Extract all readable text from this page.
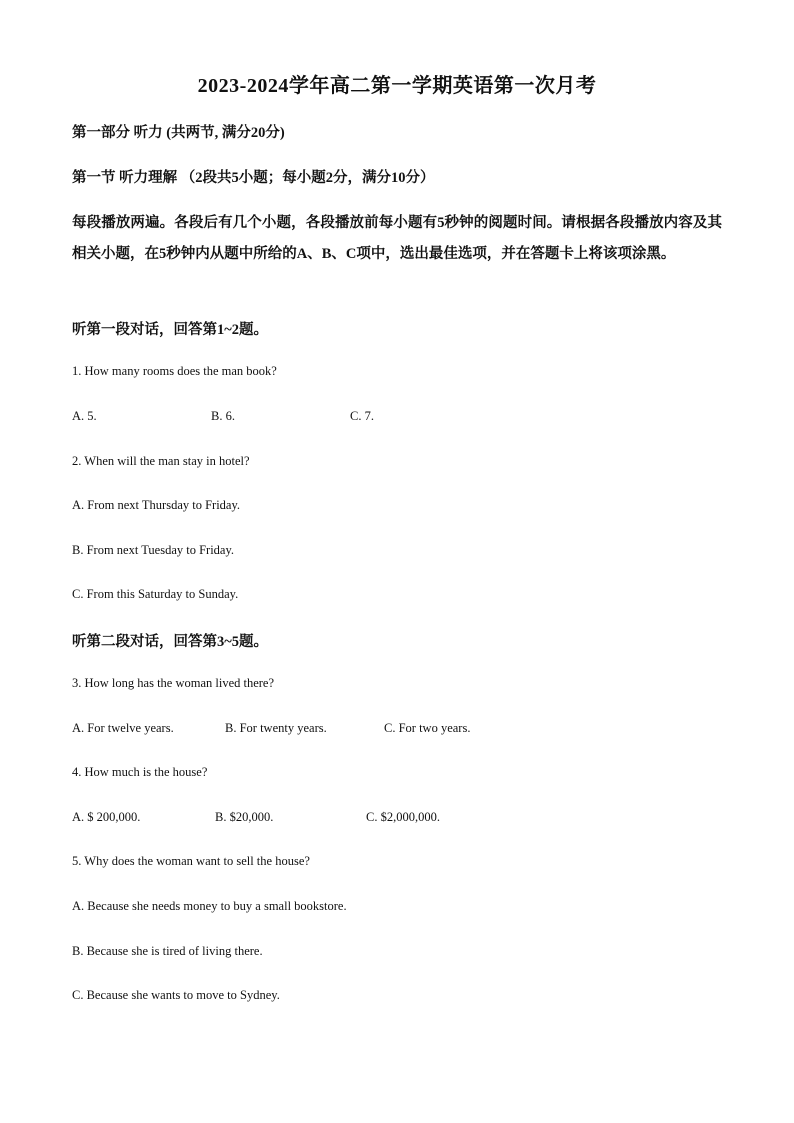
2023-2024学年高二第一学期英语第一次月考
第一部分 听力 (共两节, 满分20分)
第一节 听力理解 （2段共5小题；每小题2分，满分10分）
每段播放两遍。各段后有几个小题，各段播放前每小题有5秒钟的阅题时间。请根据各段播放内容及其相关小题，在5秒钟内从题中所给的A、B、C项中，选出最佳选项，并在答题卡上将该项涂黑。
听第一段对话，回答第1~2题。
1. How many rooms does the man book?
A. 5.	B. 6.	C. 7.
2. When will the man stay in hotel?
A. From next Thursday to Friday.
B. From next Tuesday to Friday.
C. From this Saturday to Sunday.
听第二段对话，回答第3~5题。
3. How long has the woman lived there?
A. For twelve years.	B. For twenty years.	C. For two years.
4. How much is the house?
A. $ 200,000.	B. $20,000.	C. $2,000,000.
5. Why does the woman want to sell the house?
A. Because she needs money to buy a small bookstore.
B. Because she is tired of living there.
C. Because she wants to move to Sydney.
